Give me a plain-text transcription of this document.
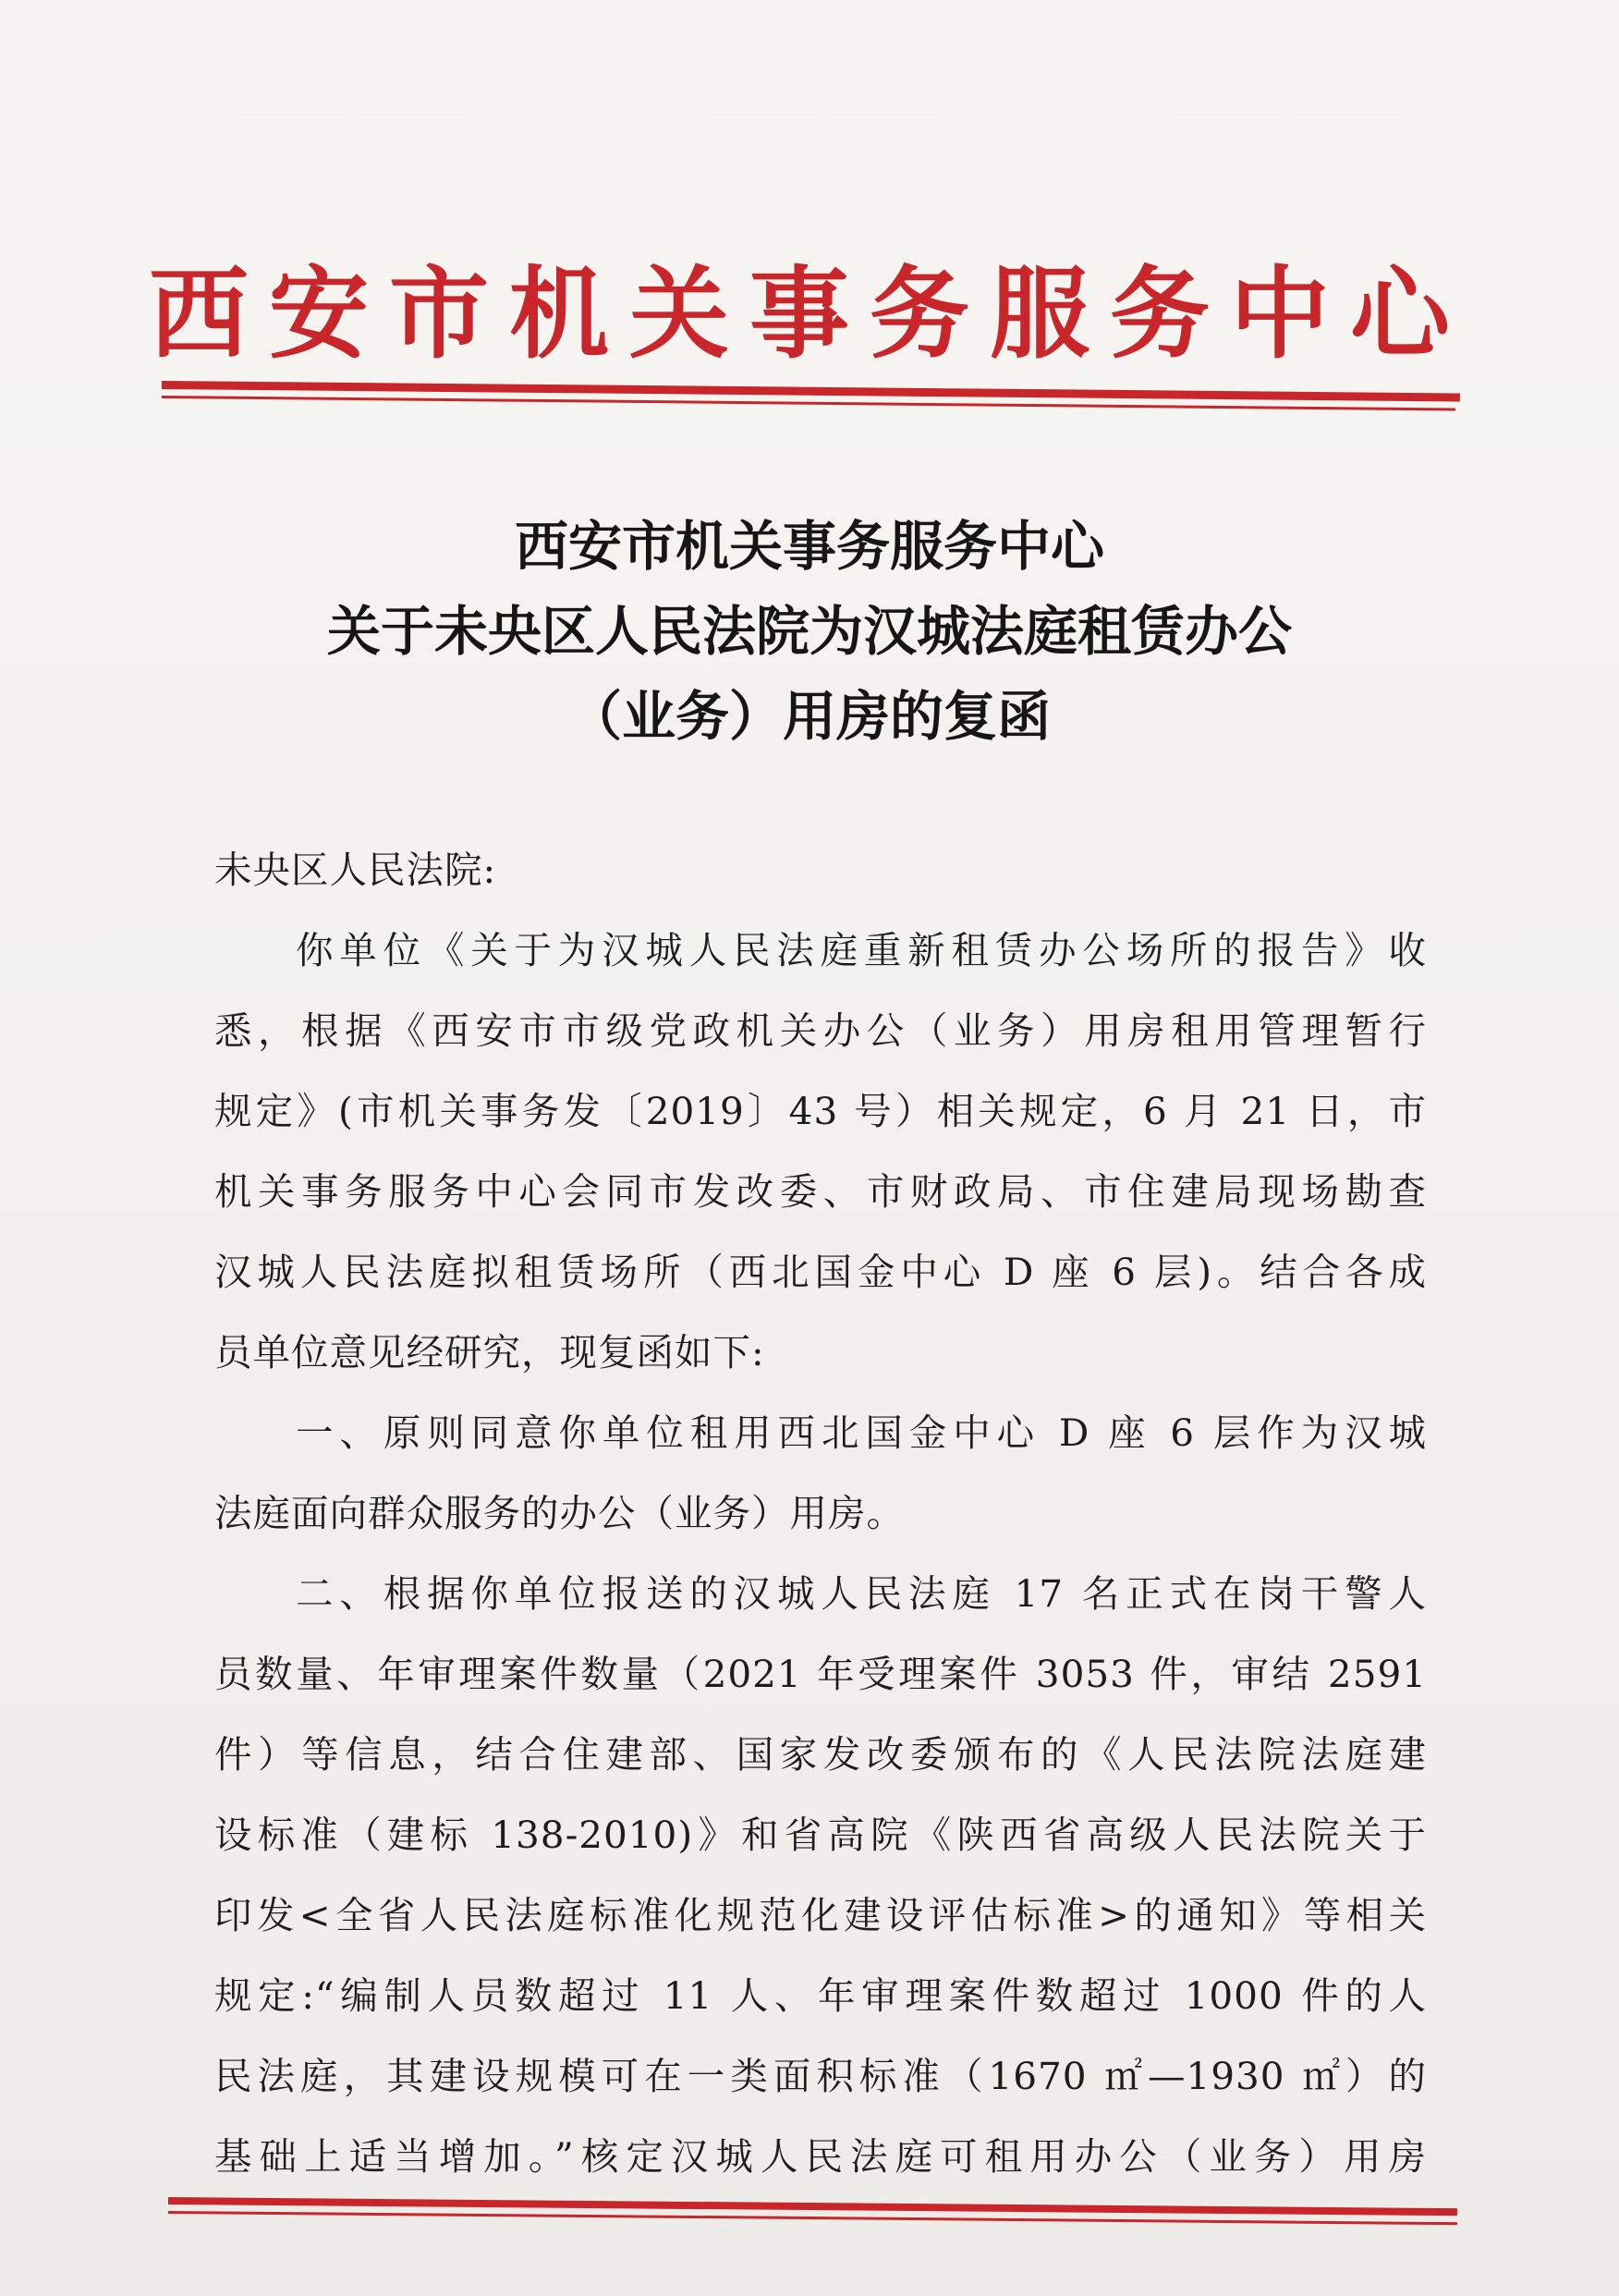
西安市机关事务服务中心
西安市机关事务服务中心
关于未央区人民法院为汉城法庭租赁办公
（业务）用房的复函
未央区人民法院:
你单位《关于为汉城人民法庭重新租赁办公场所的报告》收
悉，根据《西安市市级党政机关办公（业务）用房租用管理暂行
规定》(市机关事务发〔2019〕43 号）相关规定，6 月 21 日，市
机关事务服务中心会同市发改委、市财政局、市住建局现场勘查
汉城人民法庭拟租赁场所（西北国金中心 D 座 6 层)。结合各成
员单位意见经研究，现复函如下:
一、原则同意你单位租用西北国金中心 D 座 6 层作为汉城
法庭面向群众服务的办公（业务）用房。
二、根据你单位报送的汉城人民法庭 17 名正式在岗干警人
员数量、年审理案件数量（2021 年受理案件 3053 件，审结 2591
件）等信息，结合住建部、国家发改委颁布的《人民法院法庭建
设标准（建标 138-2010)》和省高院《陕西省高级人民法院关于
印发<全省人民法庭标准化规范化建设评估标准>的通知》等相关
规定:“编制人员数超过 11 人、年审理案件数超过 1000 件的人
民法庭，其建设规模可在一类面积标准（1670 ㎡—1930 ㎡）的
基础上适当增加。”核定汉城人民法庭可租用办公（业务）用房
